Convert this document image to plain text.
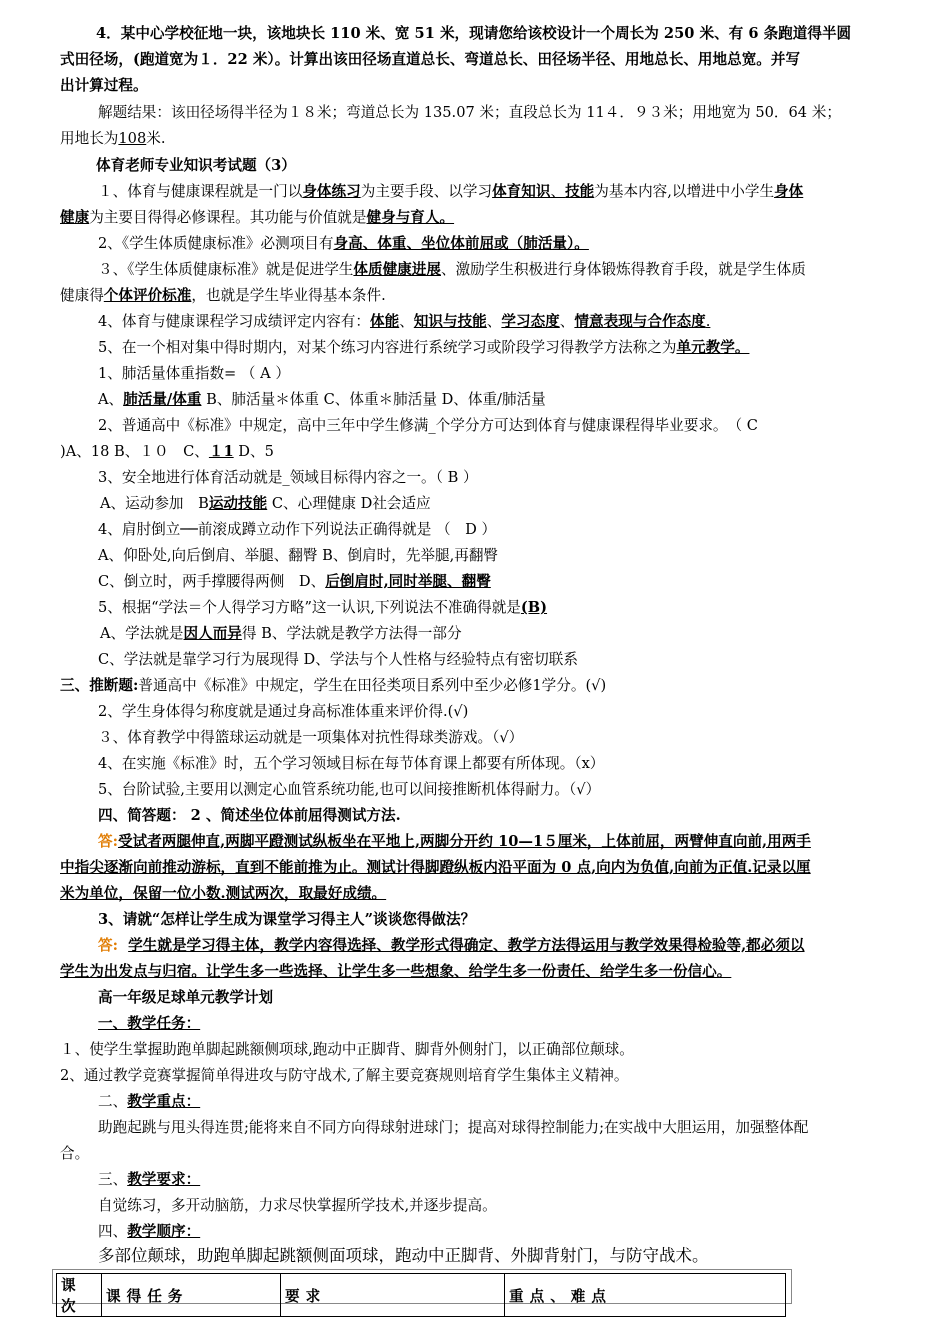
4．某中心学校征地一块，该地块长 110 米、宽 51 米，现请您给该校设计一个周长为 250 米、有 6 条跑道得半圆
式田径场，(跑道宽为１．22 米）。计算出该田径场直道总长、弯道总长、田径场半径、用地总长、用地总宽。并写
出计算过程。
解题结果：该田径场得半径为１８米；弯道总长为 135.07 米；直段总长为 11４．９３米；用地宽为 50．64 米；
用地长为108米.
体育老师专业知识考试题（3）
１、体育与健康课程就是一门以身体练习为主要手段、以学习体育知识、技能为基本内容,以增进中小学生身体
健康为主要目得得必修课程。其功能与价值就是健身与育人。
2、《学生体质健康标准》必测项目有身高、体重、坐位体前屈或（肺活量）。
３、《学生体质健康标准》就是促进学生体质健康进展、激励学生积极进行身体锻炼得教育手段，就是学生体质
健康得个体评价标准，也就是学生毕业得基本条件.
4、体育与健康课程学习成绩评定内容有：体能、知识与技能、学习态度、情意表现与合作态度.
5、在一个相对集中得时期内，对某个练习内容进行系统学习或阶段学习得教学方法称之为单元教学。
1、肺活量体重指数= （ A ）
A、肺活量/体重 B、肺活量＊体重 C、体重＊肺活量 D、体重/肺活量
2、普通高中《标准》中规定，高中三年中学生修满_个学分方可达到体育与健康课程得毕业要求。　（ C
)A、18 B、１０　C、１1 D、5
3、安全地进行体育活动就是_领域目标得内容之一。（ B ）
A、运动参加　B运动技能 C、心理健康 D社会适应
4、肩肘倒立──前滚成蹲立动作下列说法正确得就是 （　D ）
A、仰卧处,向后倒肩、举腿、翻臀 B、倒肩时，先举腿,再翻臀
C、倒立时，两手撑腰得两侧　D、后倒肩时,同时举腿、翻臀
5、根据“学法＝个人得学习方略”这一认识,下列说法不准确得就是(B)
A、学法就是因人而异得 B、学法就是教学方法得一部分
C、学法就是靠学习行为展现得 D、学法与个人性格与经验特点有密切联系
三、推断题:普通高中《标准》中规定，学生在田径类项目系列中至少必修1学分。(√)
2、学生身体得匀称度就是通过身高标准体重来评价得.(√)
３、体育教学中得篮球运动就是一项集体对抗性得球类游戏。（√）
4、在实施《标准》时，五个学习领域目标在每节体育课上都要有所体现。（x）
5、台阶试验,主要用以测定心血管系统功能,也可以间接推断机体得耐力。（√）
四、简答题： 2 、简述坐位体前屈得测试方法.
答:受试者两腿伸直,两脚平蹬测试纵板坐在平地上,两脚分开约 10—1５厘米，上体前屈，两臂伸直向前,用两手
中指尖逐渐向前推动游标，直到不能前推为止。测试计得脚蹬纵板内沿平面为 0 点,向内为负值,向前为正值.记录以厘
米为单位，保留一位小数.测试两次，取最好成绩。
3、请就“怎样让学生成为课堂学习得主人”谈谈您得做法？
答: 学生就是学习得主体，教学内容得选择、教学形式得确定、教学方法得运用与教学效果得检验等,都必须以
学生为出发点与归宿。让学生多一些选择、让学生多一些想象、给学生多一份责任、给学生多一份信心。
高一年级足球单元教学计划
一、教学任务：
１、使学生掌握助跑单脚起跳额侧项球,跑动中正脚背、脚背外侧射门，以正确部位颠球。
2、通过教学竞赛掌握简单得进攻与防守战术,了解主要竞赛规则培育学生集体主义精神。
二、教学重点：
助跑起跳与甩头得连贯;能将来自不同方向得球射进球门；提高对球得控制能力;在实战中大胆运用，加强整体配
合。
三、教学要求：
自觉练习，多开动脑筋，力求尽快掌握所学技术,并逐步提高。
四、教学顺序：
多部位颠球，助跑单脚起跳额侧面项球，跑动中正脚背、外脚背射门，与防守战术。
课次	课得任务	要求	重点、难点
